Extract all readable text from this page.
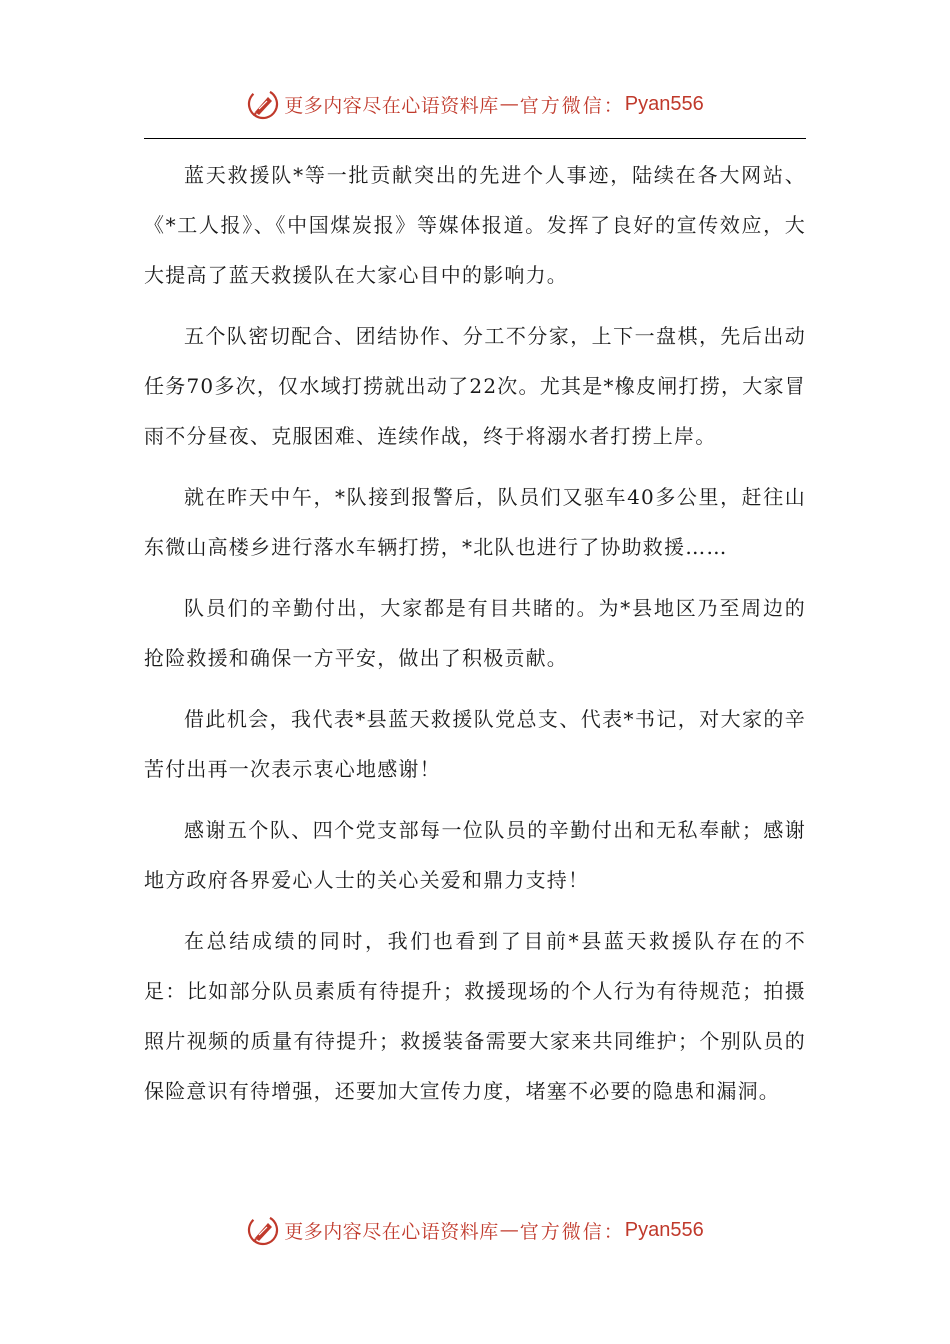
更多内容尽在心语资料库 — 官方微信： Pyan556

蓝天救援队*等一批贡献突出的先进个人事迹，陆续在各大网站、《*工人报》、《中国煤炭报》等媒体报道。发挥了良好的宣传效应，大大提高了蓝天救援队在大家心目中的影响力。

五个队密切配合、团结协作、分工不分家，上下一盘棋，先后出动任务70多次，仅水域打捞就出动了22次。尤其是*橡皮闸打捞，大家冒雨不分昼夜、克服困难、连续作战，终于将溺水者打捞上岸。

就在昨天中午，*队接到报警后，队员们又驱车40多公里，赶往山东微山高楼乡进行落水车辆打捞，*北队也进行了协助救援……

队员们的辛勤付出，大家都是有目共睹的。为*县地区乃至周边的抢险救援和确保一方平安，做出了积极贡献。

借此机会，我代表*县蓝天救援队党总支、代表*书记，对大家的辛苦付出再一次表示衷心地感谢！

感谢五个队、四个党支部每一位队员的辛勤付出和无私奉献；感谢地方政府各界爱心人士的关心关爱和鼎力支持！

在总结成绩的同时，我们也看到了目前*县蓝天救援队存在的不足：比如部分队员素质有待提升；救援现场的个人行为有待规范；拍摄照片视频的质量有待提升；救援装备需要大家来共同维护；个别队员的保险意识有待增强，还要加大宣传力度，堵塞不必要的隐患和漏洞。

更多内容尽在心语资料库 — 官方微信： Pyan556
